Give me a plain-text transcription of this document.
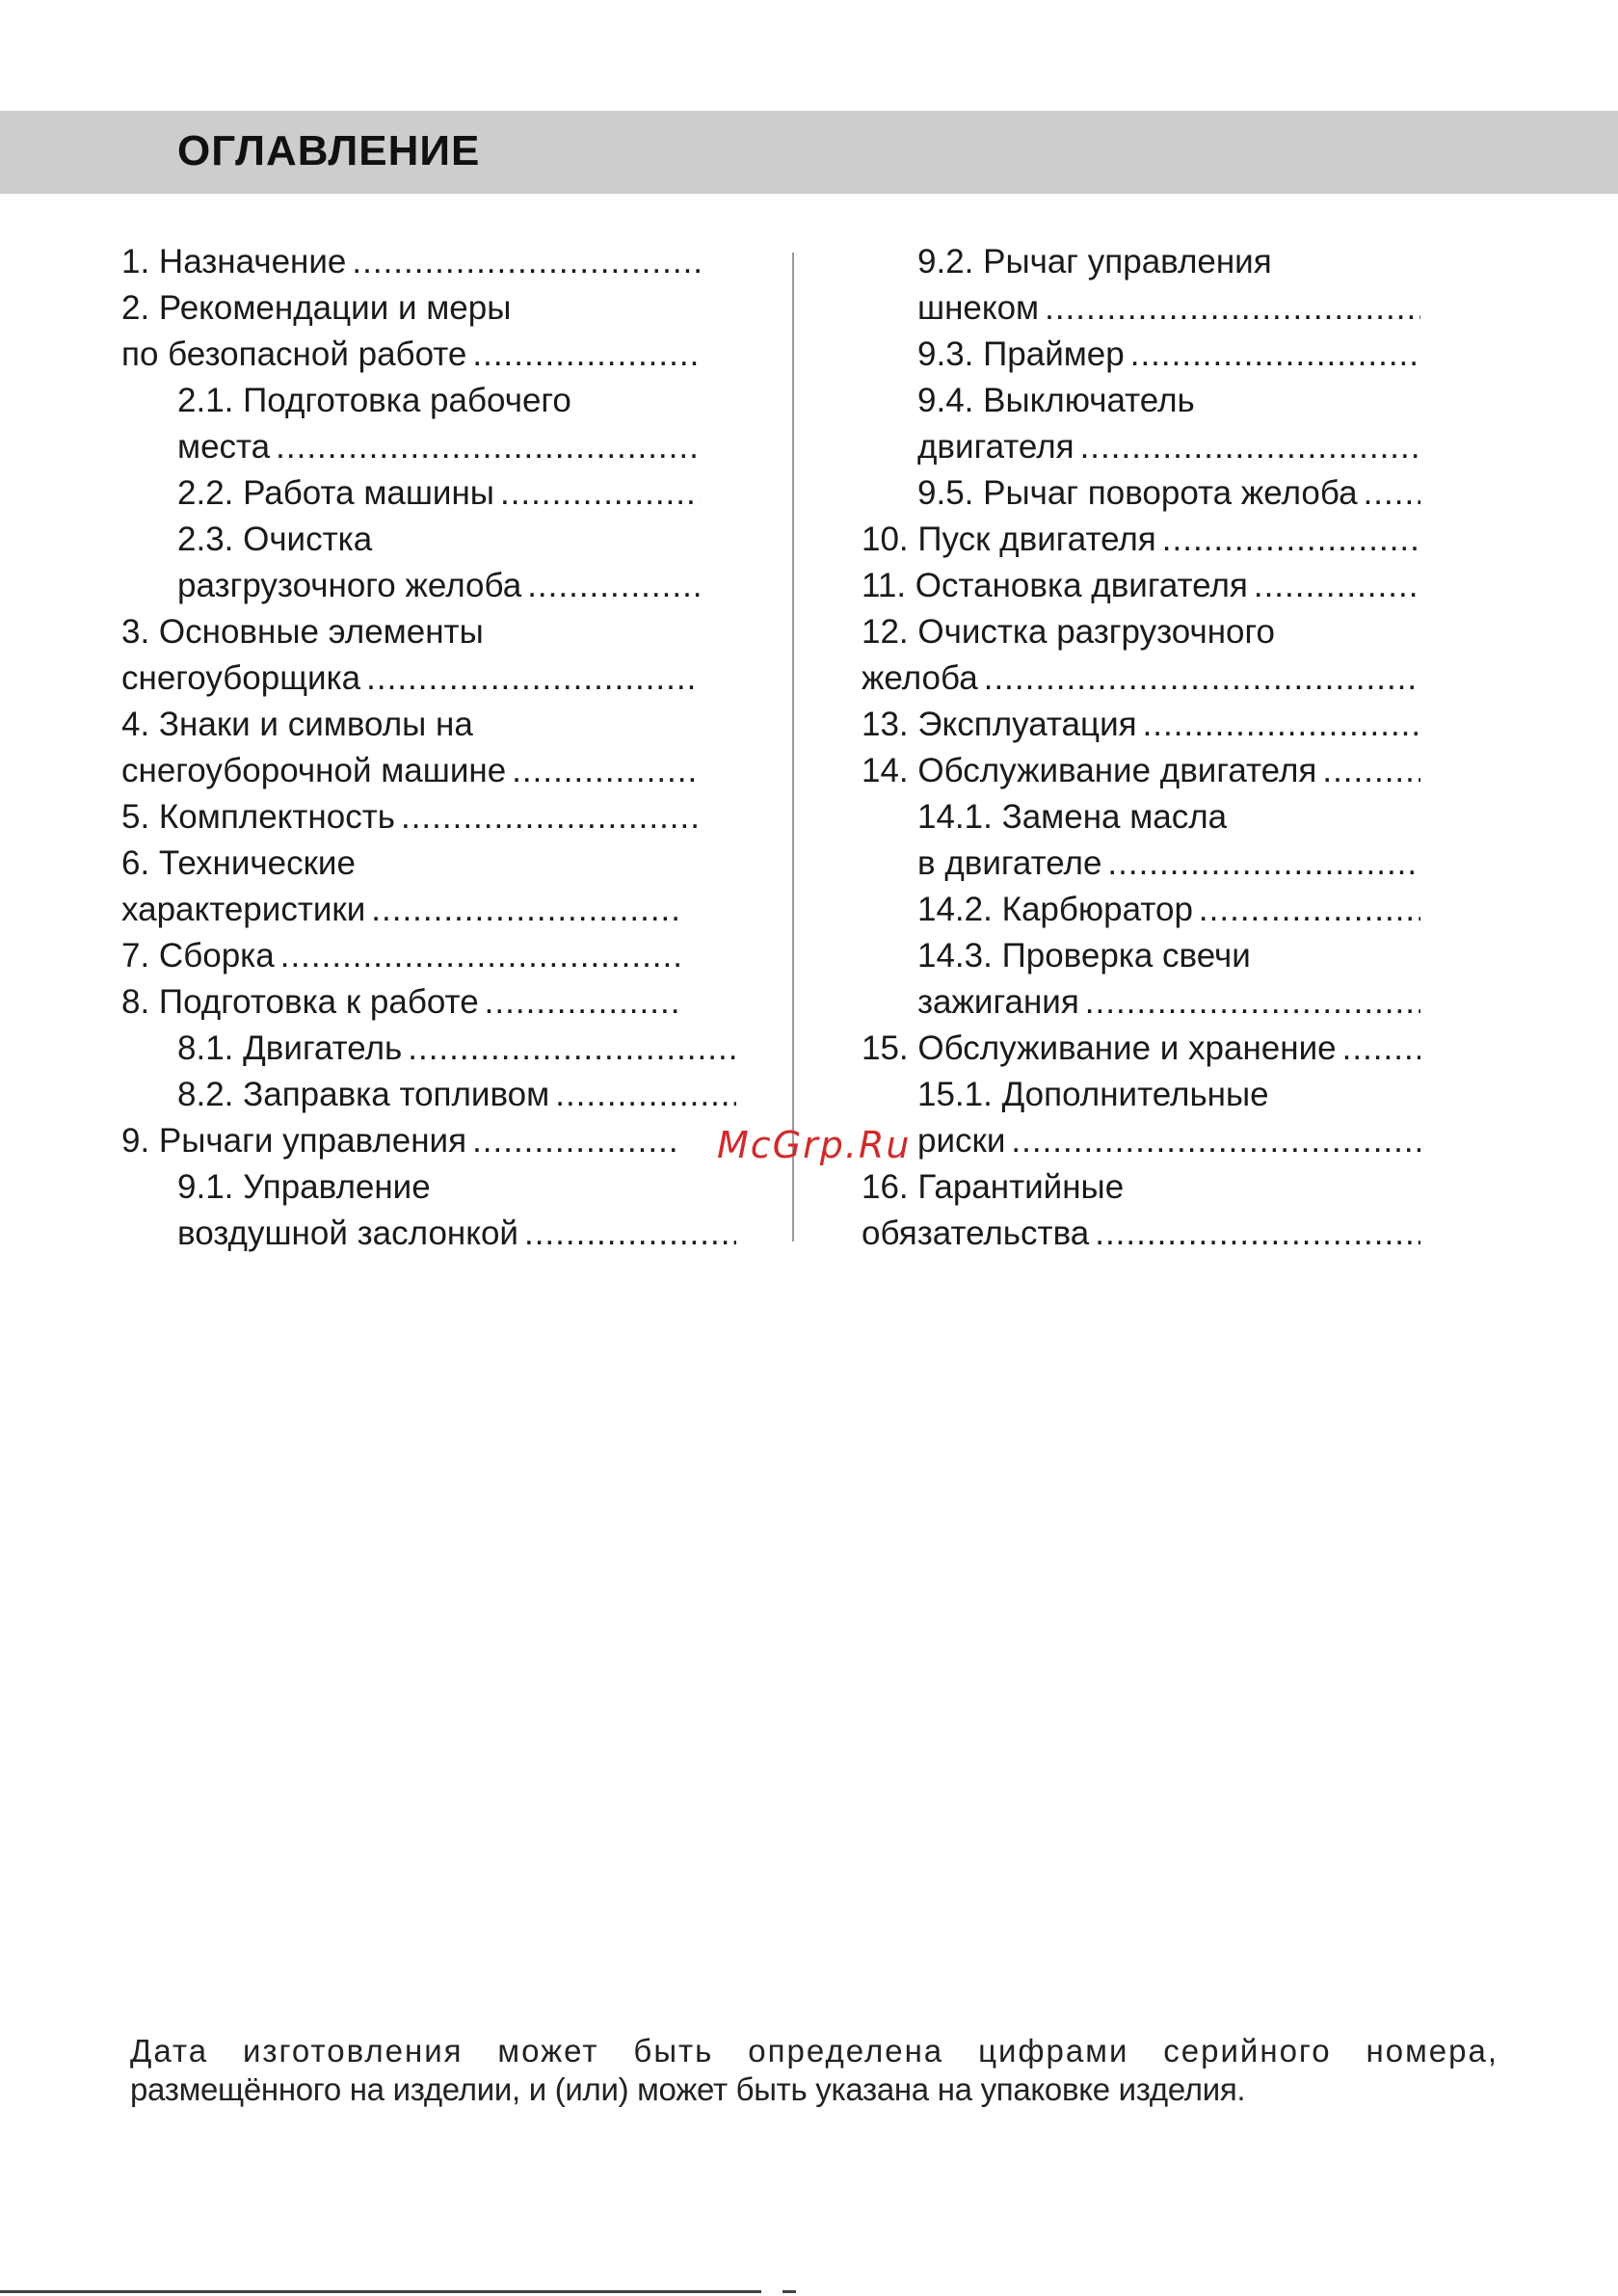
ОГЛАВЛЕНИЕ
1. Назначение
.....
2. Рекомендации и меры
по безопасной работе
.....
2.1. Подготовка рабочего
места
.....
2.2. Работа машины
.....
2.3. Очистка
разгрузочного желоба
.....
3. Основные элементы
снегоуборщика
.....
4. Знаки и символы на
снегоуборочной машине
.....
5. Комплектность
.....
6. Технические
характеристики
.....
7. Сборка
.....
8. Подготовка к работе
.....
8.1. Двигатель
.....
8.2. Заправка топливом
.....
9. Рычаги управления
.....
9.1. Управление
воздушной заслонкой
.....
9.2. Рычаг управления
шнеком
.....
9.3. Праймер
.....
9.4. Выключатель
двигателя
.....
9.5. Рычаг поворота желоба
.....
10. Пуск двигателя
.....
11. Остановка двигателя
.....
12. Очистка разгрузочного
желоба
.....
13. Эксплуатация
.....
14. Обслуживание двигателя
.....
14.1. Замена масла
в двигателе
.....
14.2. Карбюратор
.....
14.3. Проверка свечи
зажигания
.....
15. Обслуживание и хранение
.....
15.1. Дополнительные
риски
.....
16. Гарантийные
обязательства
.....
McGrp.Ru
Дата изготовления может быть определена цифрами серийного номера,
размещённого на изделии, и (или) может быть указана на упаковке изделия.
